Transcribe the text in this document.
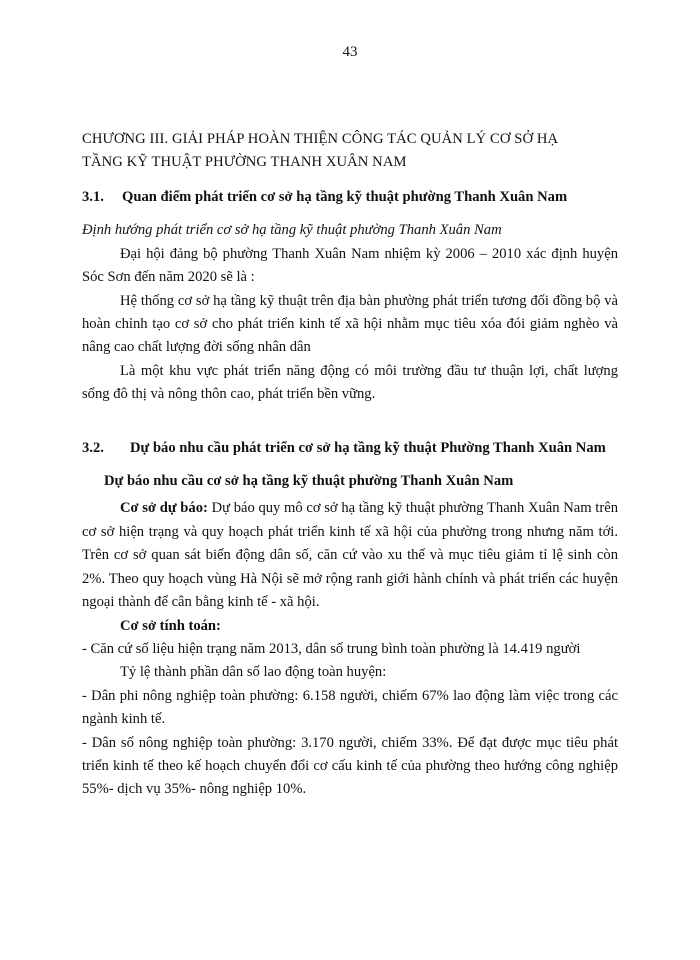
43
CHƯƠNG III. GIẢI PHÁP HOÀN THIỆN CÔNG TÁC QUẢN LÝ CƠ SỞ HẠ
TẦNG KỸ THUẬT PHƯỜNG THANH XUÂN NAM
3.1.	Quan điểm phát triển cơ sở hạ tầng kỹ thuật phường Thanh Xuân Nam

Định hướng phát triển cơ sở hạ tầng kỹ thuật phường Thanh Xuân Nam

Đại hội đảng bộ phường Thanh Xuân Nam nhiệm kỳ 2006 – 2010 xác định huyện Sóc Sơn đến năm 2020 sẽ là :

Hệ thống cơ sở hạ tầng kỹ thuật trên địa bàn phường phát triển tương đối đồng bộ và hoàn chỉnh tạo cơ sở cho phát triển kinh tế xã hội nhằm mục tiêu xóa đói giảm nghèo và nâng cao chất lượng đời sống nhân dân

Là một khu vực phát triển năng động có môi trường đầu tư thuận lợi, chất lượng sống đô thị và nông thôn cao, phát triển bền vững.

3.2.	Dự báo nhu cầu phát triển cơ sở hạ tầng kỹ thuật Phường Thanh Xuân Nam

Dự báo nhu cầu cơ sở hạ tầng kỹ thuật phường Thanh Xuân Nam

Cơ sở dự báo: Dự báo quy mô cơ sở hạ tầng kỹ thuật phường Thanh Xuân Nam trên cơ sở hiện trạng và quy hoạch phát triển kinh tế xã hội của phường trong nhưng năm tới. Trên cơ sở quan sát biến động dân số, căn cứ vào xu thế và mục tiêu giảm tỉ lệ sinh còn 2%. Theo quy hoạch vùng Hà Nội sẽ mở rộng ranh giới hành chính và phát triển các huyện ngoại thành để cân bằng kinh tế - xã hội.

Cơ sở tính toán:

- Căn cứ số liệu hiện trạng năm 2013, dân số trung bình toàn phường là 14.419 người

Tỷ lệ thành phần dân số lao động toàn huyện:

- Dân phi nông nghiệp toàn phường: 6.158 người, chiếm 67% lao động làm việc trong các ngành kinh tế.

- Dân số nông nghiệp toàn phường: 3.170 người, chiếm 33%. Để đạt được mục tiêu phát triển kinh tế theo kế hoạch chuyển đổi cơ cấu kinh tế của phường theo hướng công nghiệp 55%- dịch vụ 35%- nông nghiệp 10%.
